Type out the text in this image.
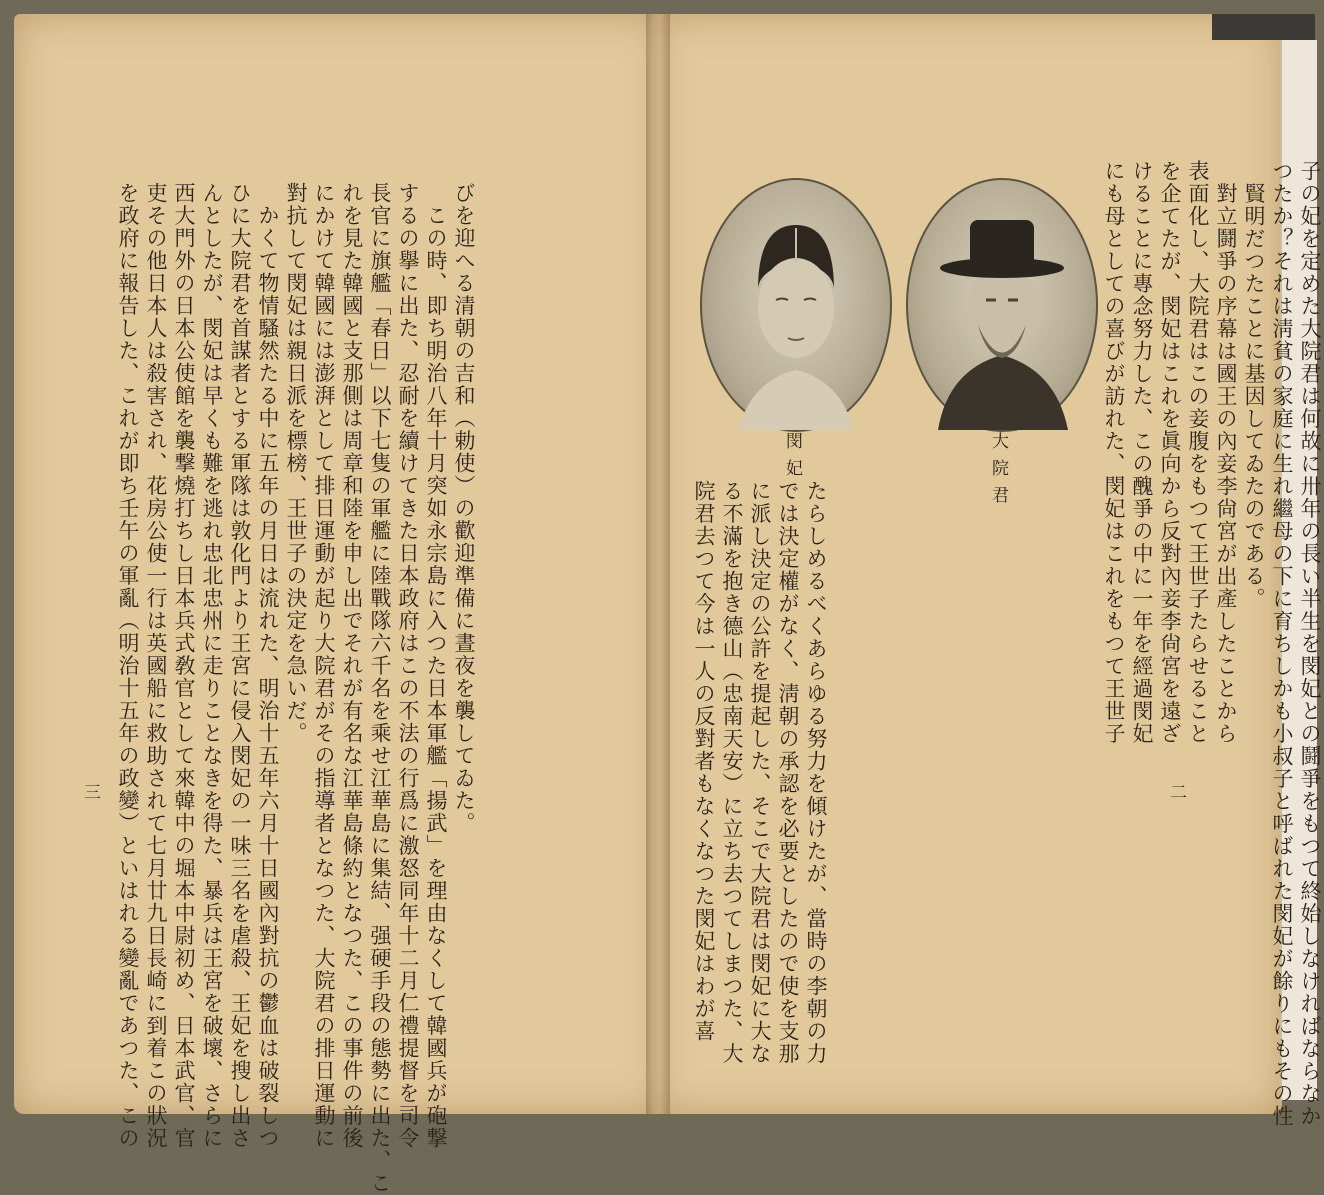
びを迎へる清朝の吉和（勅使）の歡迎準備に晝夜を襲してゐた。
　この時、即ち明治八年十月突如永宗島に入つた日本軍艦「揚武」を理由なくして韓國兵が砲撃
するの擧に出た、忍耐を續けてきた日本政府はこの不法の行爲に激怒同年十二月仁禮提督を司令
長官に旗艦「春日」以下七隻の軍艦に陸戰隊六千名を乘せ江華島に集結、强硬手段の態勢に出た、こ
れを見た韓國と支那側は周章和陸を申し出でそれが有名な江華島條約となつた、この事件の前後
にかけて韓國には澎湃として排日運動が起り大院君がその指導者となつた、大院君の排日運動に
對抗して閔妃は親日派を標榜、王世子の決定を急いだ。
　かくて物情騷然たる中に五年の月日は流れた、明治十五年六月十日國內對抗の鬱血は破裂しつ
ひに大院君を首謀者とする軍隊は敦化門より王宮に侵入閔妃の一味三名を虐殺、王妃を搜し出さ
んとしたが、閔妃は早くも難を逃れ忠北忠州に走りことなきを得た、暴兵は王宮を破壞、さらに
西大門外の日本公使館を襲撃燒打ちし日本兵式敎官として來韓中の堀本中尉初め、日本武官、官
吏その他日本人は殺害され、花房公使一行は英國船に救助されて七月廿九日長崎に到着この狀況
を政府に報告した、これが即ち壬午の軍亂（明治十五年の政變）といはれる變亂であつた、この
三	子の妃を定めた大院君は何故に卅年の長い半生を閔妃との鬪爭をもつて終始しなければならなか
つたか？それは淸貧の家庭に生れ繼母の下に育ちしかも小叔子と呼ばれた閔妃が餘りにもその性
　賢明だつたことに基因してゐたのである。
　對立鬪爭の序幕は國王の內妾李尙宮が出產したことから
表面化し、大院君はこの妾腹をもつて王世子たらせること
を企てたが、閔妃はこれを眞向から反對內妾李尙宮を遠ざ
けることに專念努力した、この醜爭の中に一年を經過閔妃
にも母としての喜びが訪れた、閔妃はこれをもつて王世子
二
大院君
閔妃
たらしめるべくあらゆる努力を傾けたが、當時の李朝の力
では決定權がなく、淸朝の承認を必要としたので使を支那
に派し決定の公許を提起した、そこで大院君は閔妃に大な
る不滿を抱き德山（忠南天安）に立ち去つてしまつた、大
院君去つて今は一人の反對者もなくなつた閔妃はわが喜
